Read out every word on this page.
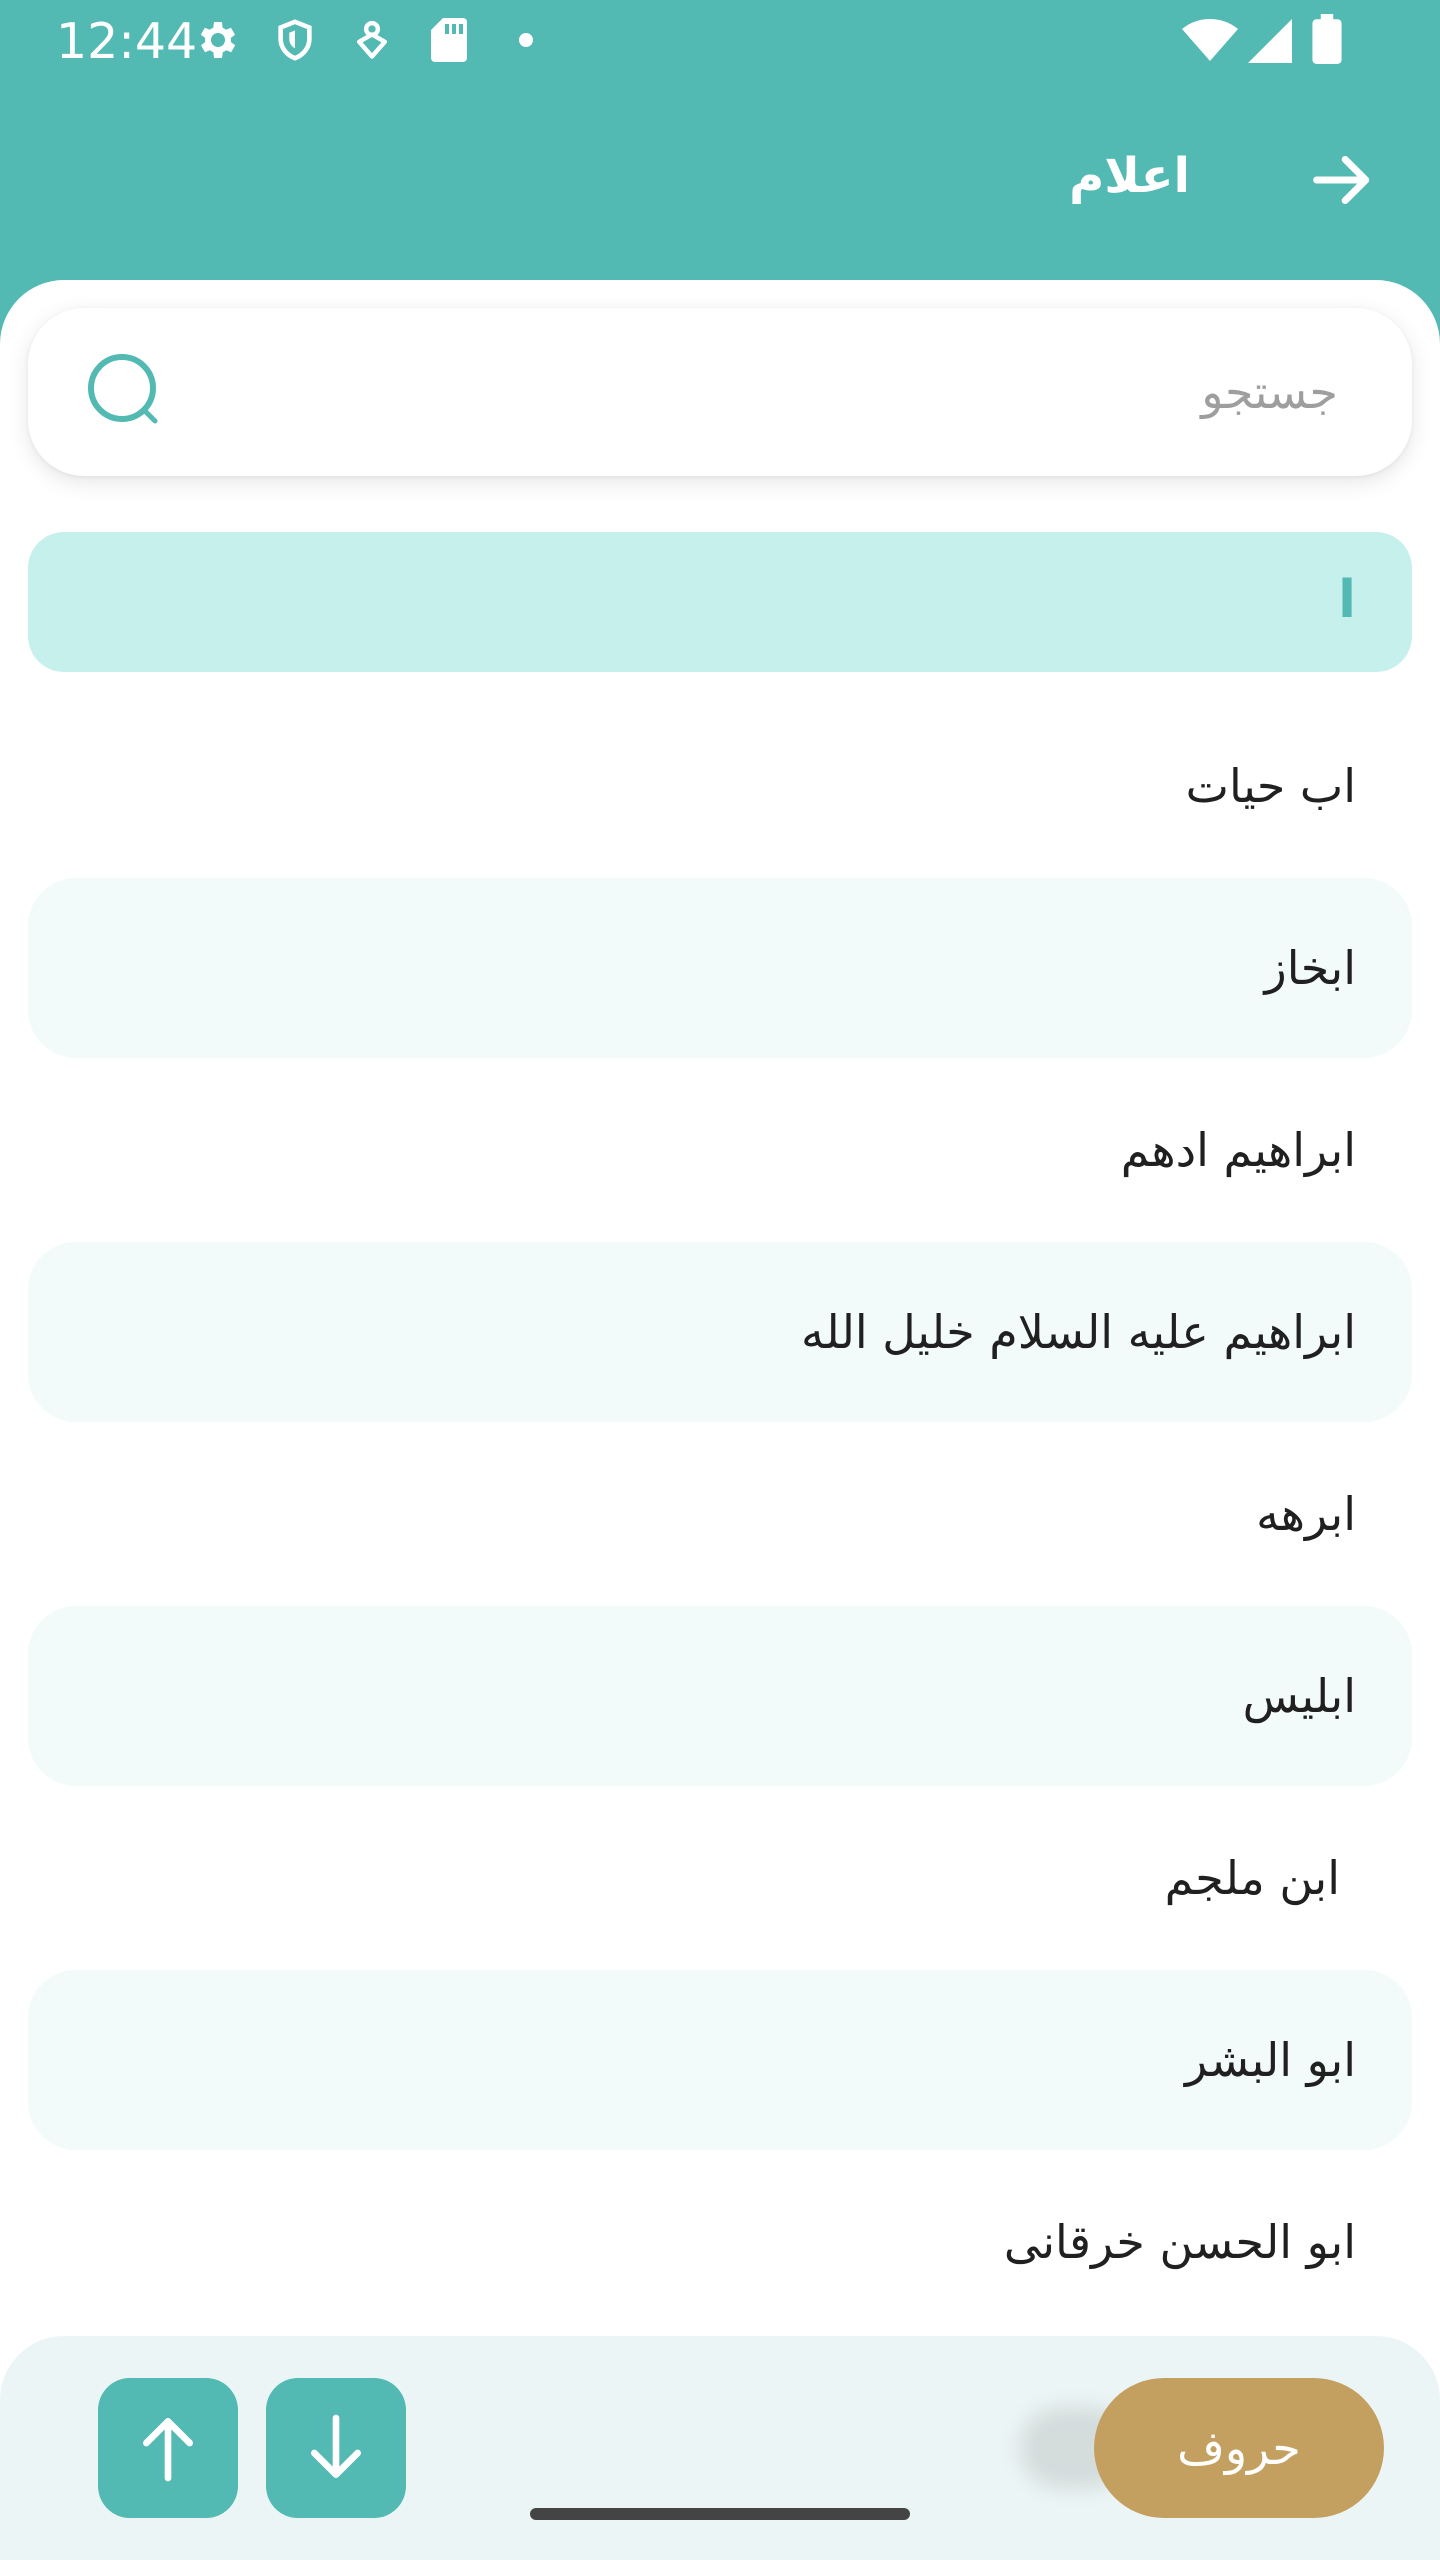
12:44
اعلام
جستجو
ا
اب حیات
ابخاز
ابراهیم ادهم
ابراهیم علیه السلام خلیل الله
ابرهه
ابلیس
ابن ملجم
ابو البشر
ابو الحسن خرقانی
حروف
